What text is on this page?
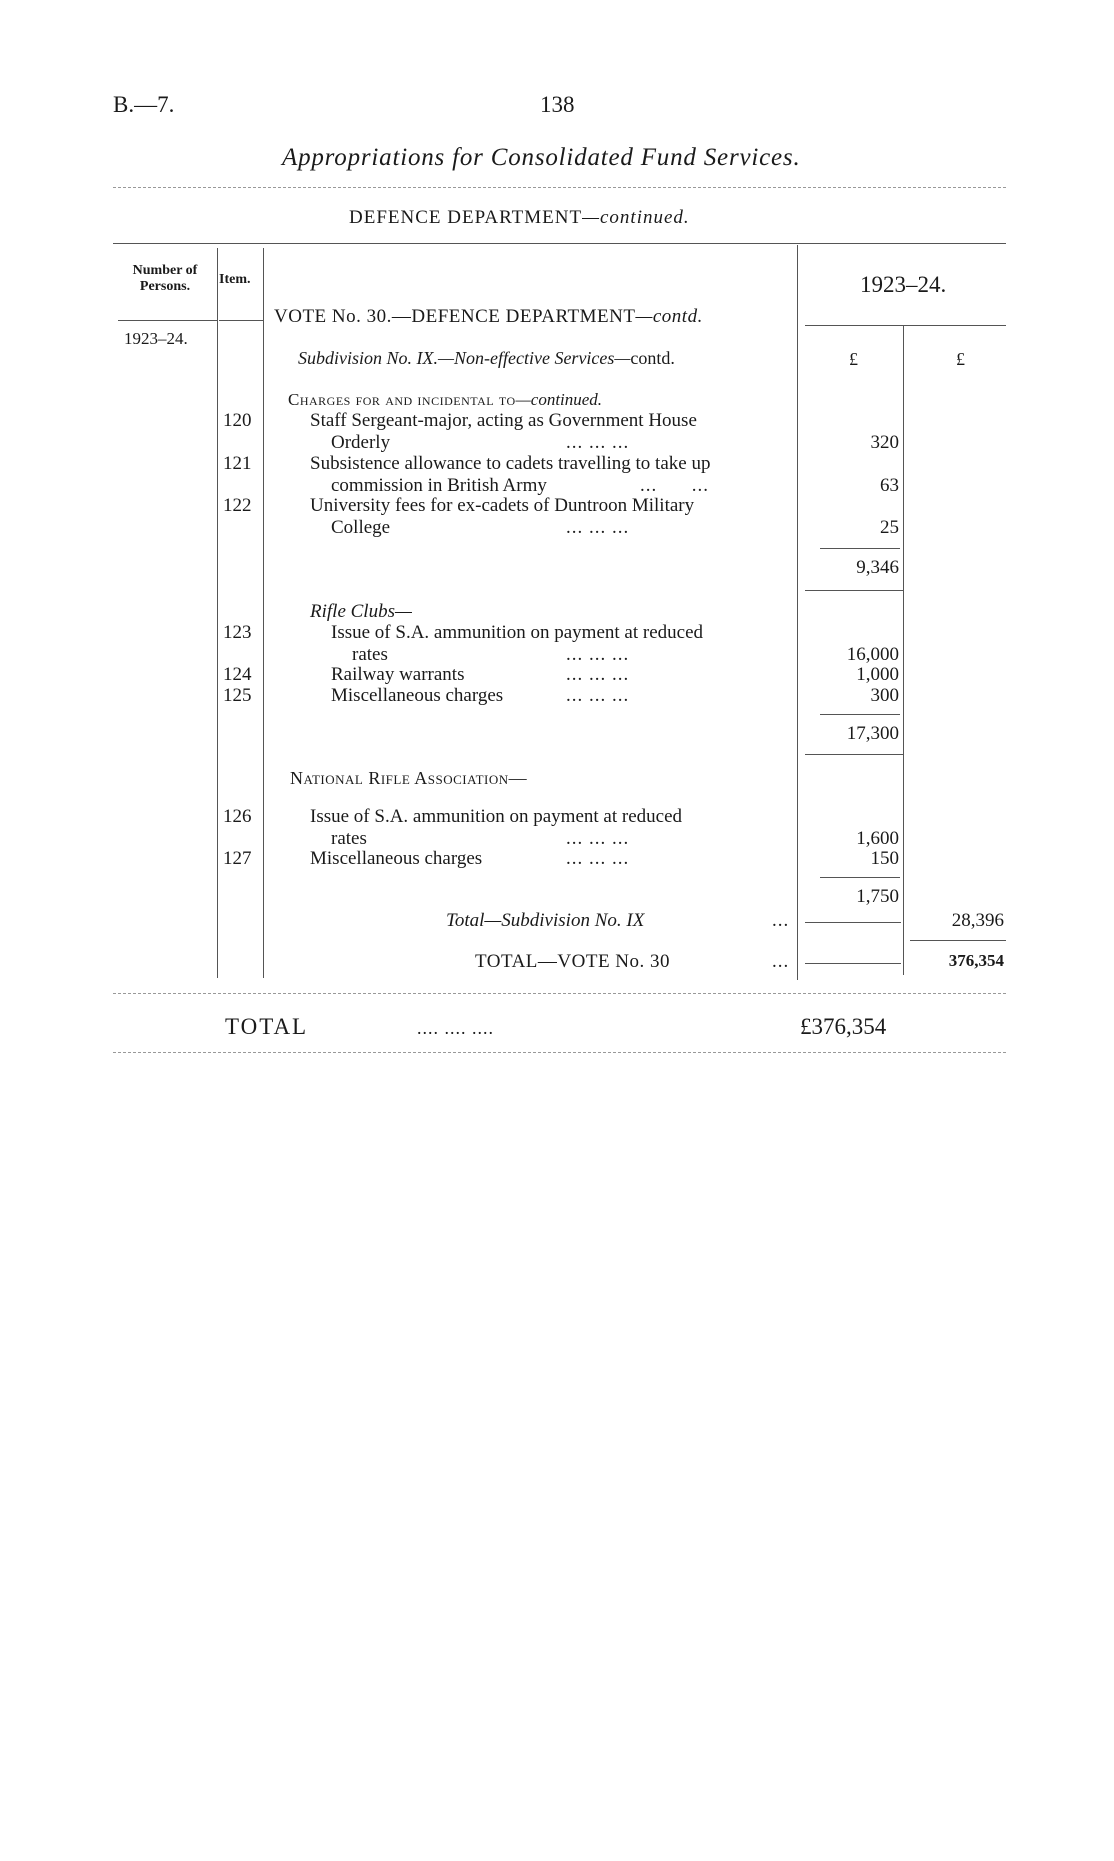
B.—7.	138
Appropriations for Consolidated Fund Services.
DEFENCE DEPARTMENT—continued.
Number of Persons.	Item.	1923–24.
1923–24.
£	£
VOTE No. 30.—DEFENCE DEPARTMENT—contd.
Subdivision No. IX.—Non-effective Services—contd.
Charges for and incidental to—continued.
120	Staff Sergeant-major, acting as Government House
Orderly	... ... ...	320
121	Subsistence allowance to cadets travelling to take up
commission in British Army	... ...	63
122	University fees for ex-cadets of Duntroon Military
College	... ... ...	25
9,346
Rifle Clubs—
123	Issue of S.A. ammunition on payment at reduced
rates	... ... ...	16,000
124	Railway warrants	... ... ...	1,000
125	Miscellaneous charges	... ... ...	300
17,300
National Rifle Association—
126	Issue of S.A. ammunition on payment at reduced
rates	... ... ...	1,600
127	Miscellaneous charges	... ... ...	150
1,750
Total—Subdivision No. IX	...	28,396
TOTAL—VOTE No. 30	...	376,354
TOTAL	.... .... ....	£376,354
